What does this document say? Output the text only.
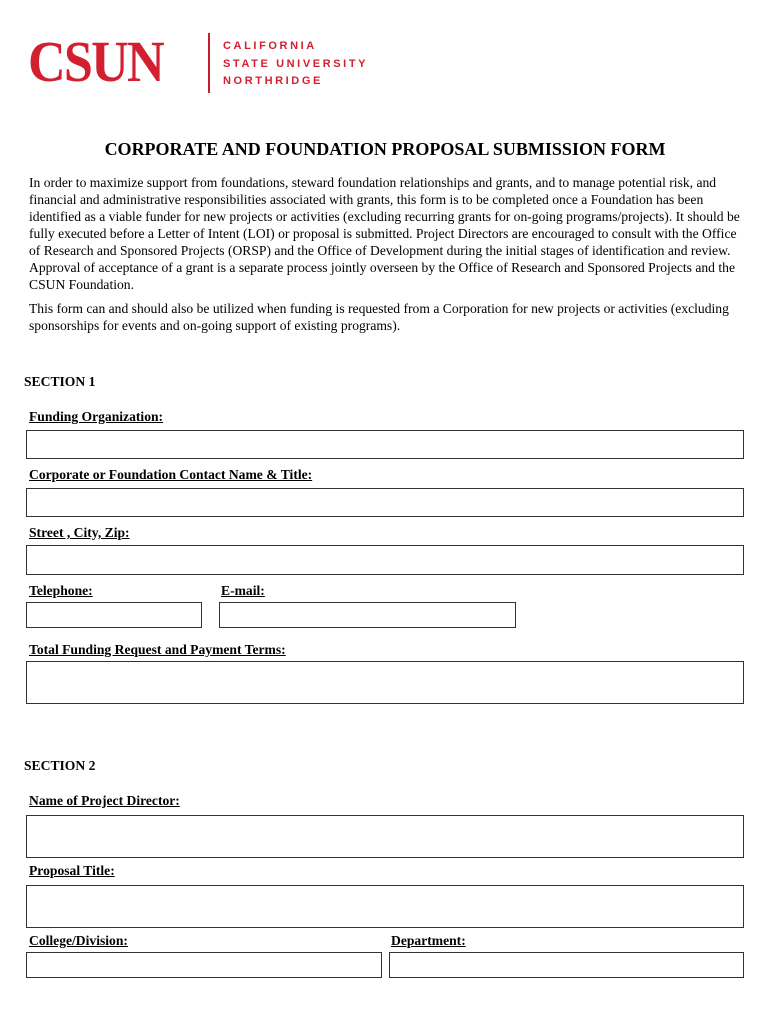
CSUN	CALIFORNIA
STATE UNIVERSITY
NORTHRIDGE
CORPORATE AND FOUNDATION PROPOSAL SUBMISSION FORM

In order to maximize support from foundations, steward foundation relationships and grants, and to manage potential risk, and financial and administrative responsibilities associated with grants, this form is to be completed once a Foundation has been identified as a viable funder for new projects or activities (excluding recurring grants for on-going programs/projects). It should be fully executed before a Letter of Intent (LOI) or proposal is submitted. Project Directors are encouraged to consult with the Office of Research and Sponsored Projects (ORSP) and the Office of Development during the initial stages of identification and review. Approval of acceptance of a grant is a separate process jointly overseen by the Office of Research and Sponsored Projects and the CSUN Foundation.

This form can and should also be utilized when funding is requested from a Corporation for new projects or activities (excluding sponsorships for events and on-going support of existing programs).

SECTION 1
Funding Organization:
Corporate or Foundation Contact Name & Title:
Street , City, Zip:
Telephone:	E-mail:
Total Funding Request and Payment Terms:
SECTION 2
Name of Project Director:
Proposal Title:
College/Division:	Department:
